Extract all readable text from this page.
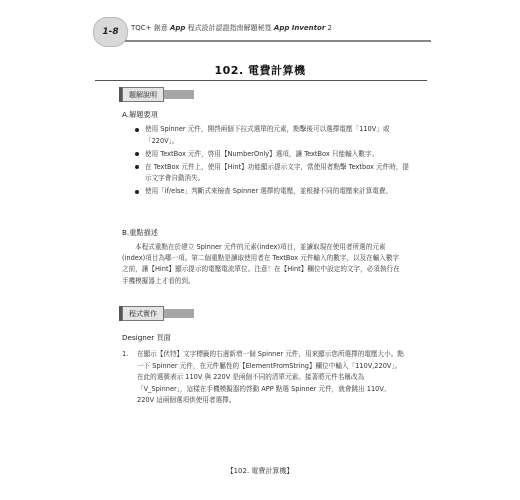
1-8 TQC+ 創意 App 程式設計認證指南解題秘笈 App Inventor 2
102. 電費計算機
題解說明
A.解題要項
使用 Spinner 元件，開啓兩個下拉式選單的元素，點擊後可以選擇電壓「110V」或「220V」。
使用 TextBox 元件，啓用【NumberOnly】選項，讓 TextBox 只能輸入數字。
在 TextBox 元件上，使用【Hint】功能顯示提示文字，當使用者點擊 Textbox 元件時，提示文字會自動消失。
使用「if/else」判斷式來檢查 Spinner 選擇的電壓，並根據不同的電壓來計算電費。
B.重點描述
本程式重點在於建立 Spinner 元件的元素(index)項目，並讀取現在使用者所選的元素(index)項目為哪一項。第二個重點是讀取使用者在 TextBox 元件輸入的數字，以及在輸入數字之前，讓【Hint】顯示提示的電壓電流單位。注意！在【Hint】欄位中設定的文字，必須執行在手機模擬器上才看的到。
程式實作
Designer 頁面
1. 在顯示【伏特】文字標籤的右邊新增一個 Spinner 元件，用來顯示您所選擇的電壓大小。點一下 Spinner 元件，在元件屬性的【ElementFromString】欄位中輸入「110V,220V」。在此的選號表示 110V 與 220V 是兩個不同的清單元素。接著將元件名稱改為「V_Spinner」，這樣在手機模擬器的啓動 APP 點選 Spinner 元件，就會跳出 110V、220V 這兩個選項供使用者選擇。
【102. 電費計算機】
